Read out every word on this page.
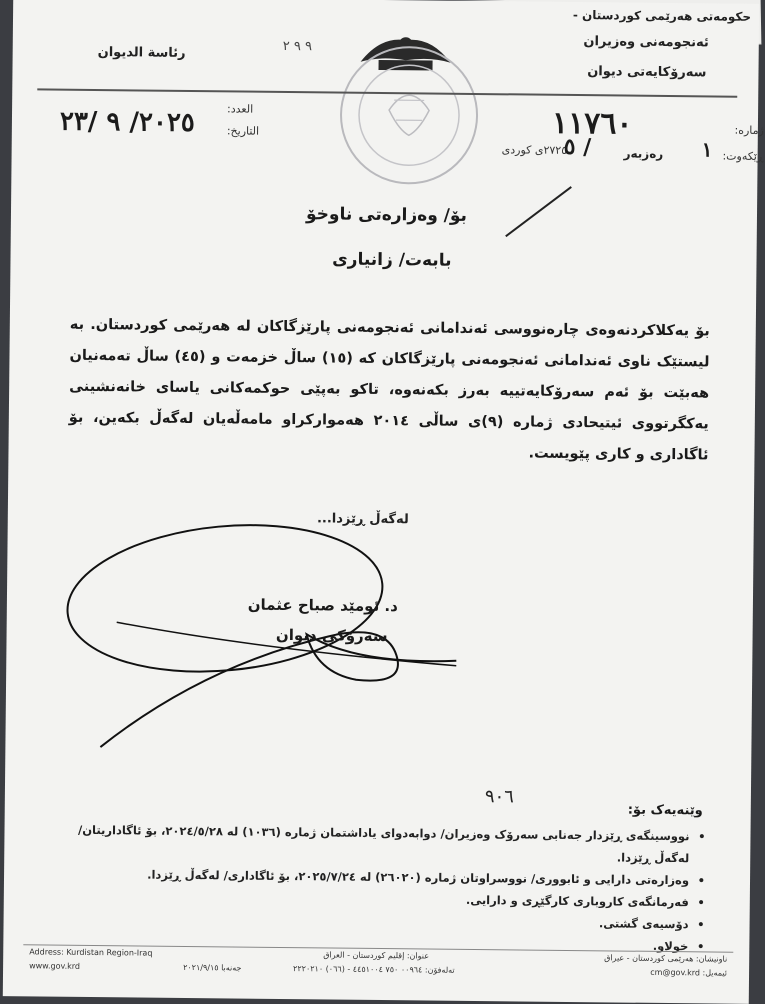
حکومەتی هەرێمی کوردستان -
ئەنجومەنی وەزیران
سەرۆکایەتی دیوان
رئاسة الديوان	٩ ٩ ٢
العدد:
التاريخ:
٢٠٢٥/ ٩ /٢٣	ژمارە:
١١٧٦٠
ڕێکەوت:
١
رەزبەر
٢٧٢٥ی کوردی
٥ /
بۆ/ وەزارەتی ناوخۆ
بابەت/ زانیاری
بۆ یەکلاکردنەوەی چارەنووسی ئەندامانی ئەنجومەنی پارێزگاکان لە هەرێمی کوردستان. بە لیستێک ناوی ئەندامانی ئەنجومەنی پارێزگاکان کە (١٥) ساڵ خزمەت و (٤٥) ساڵ تەمەنیان هەبێت بۆ ئەم سەرۆکایەتییە بەرز بکەنەوە، تاکو بەپێی حوکمەکانی یاسای خانەنشینی یەکگرتووی ئیتیحادی ژمارە (٩)ی ساڵی ٢٠١٤ هەموارکراو مامەڵەیان لەگەڵ بکەین، بۆ ئاگاداری و کاری پێویست.
لەگەڵ ڕێزدا...
د. ئومێد صباح عثمان
سەرۆکی دیوان
٩٠٦
وێنەیەک بۆ:
• نووسینگەی ڕێزدار جەنابی سەرۆک وەزیران/ دوابەدوای یاداشتمان ژمارە (١٠٣٦) لە ٢٠٢٤/٥/٢٨، بۆ ئاگاداریتان/ لەگەڵ ڕێزدا.
• وەزارەتی دارایی و ئابووری/ نووسراوتان ژمارە (٢٦٠٢٠) لە ٢٠٢٥/٧/٢٤، بۆ ئاگاداری/ لەگەڵ ڕێزدا.
• فەرمانگەی کاروباری کارگێڕی و دارایی.
• دۆسیەی گشتی.
• خولاو.
Address: Kurdistan Region-Iraq
www.gov.krd
عنوان: إقليم كوردستان - العراق
تەلەفۆن: ٠٠٩٦٤ ٧٥٠ ٤٤٥١٠٠٤ - (٠٦٦) ٢٢٢٠٢١٠
جەنەبا ٢٠٢١/٩/١٥
ناونیشان: هەرێمی کوردستان - عیراق
ئیمەیل: cm@gov.krd
